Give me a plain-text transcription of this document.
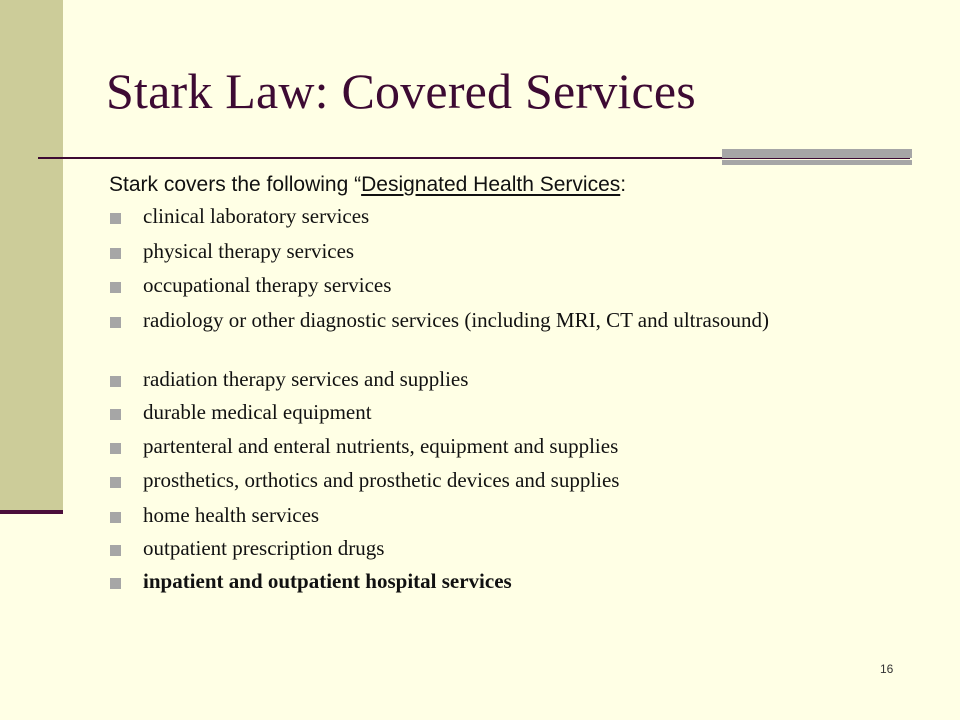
Stark Law: Covered Services
Stark covers the following “Designated Health Services:
clinical laboratory services
physical therapy services
occupational therapy services
radiology or other diagnostic services (including MRI, CT and ultrasound)
radiation therapy services and supplies
durable medical equipment
partenteral and enteral nutrients, equipment and supplies
prosthetics, orthotics and prosthetic devices and supplies
home health services
outpatient prescription drugs
inpatient and outpatient hospital services
16
